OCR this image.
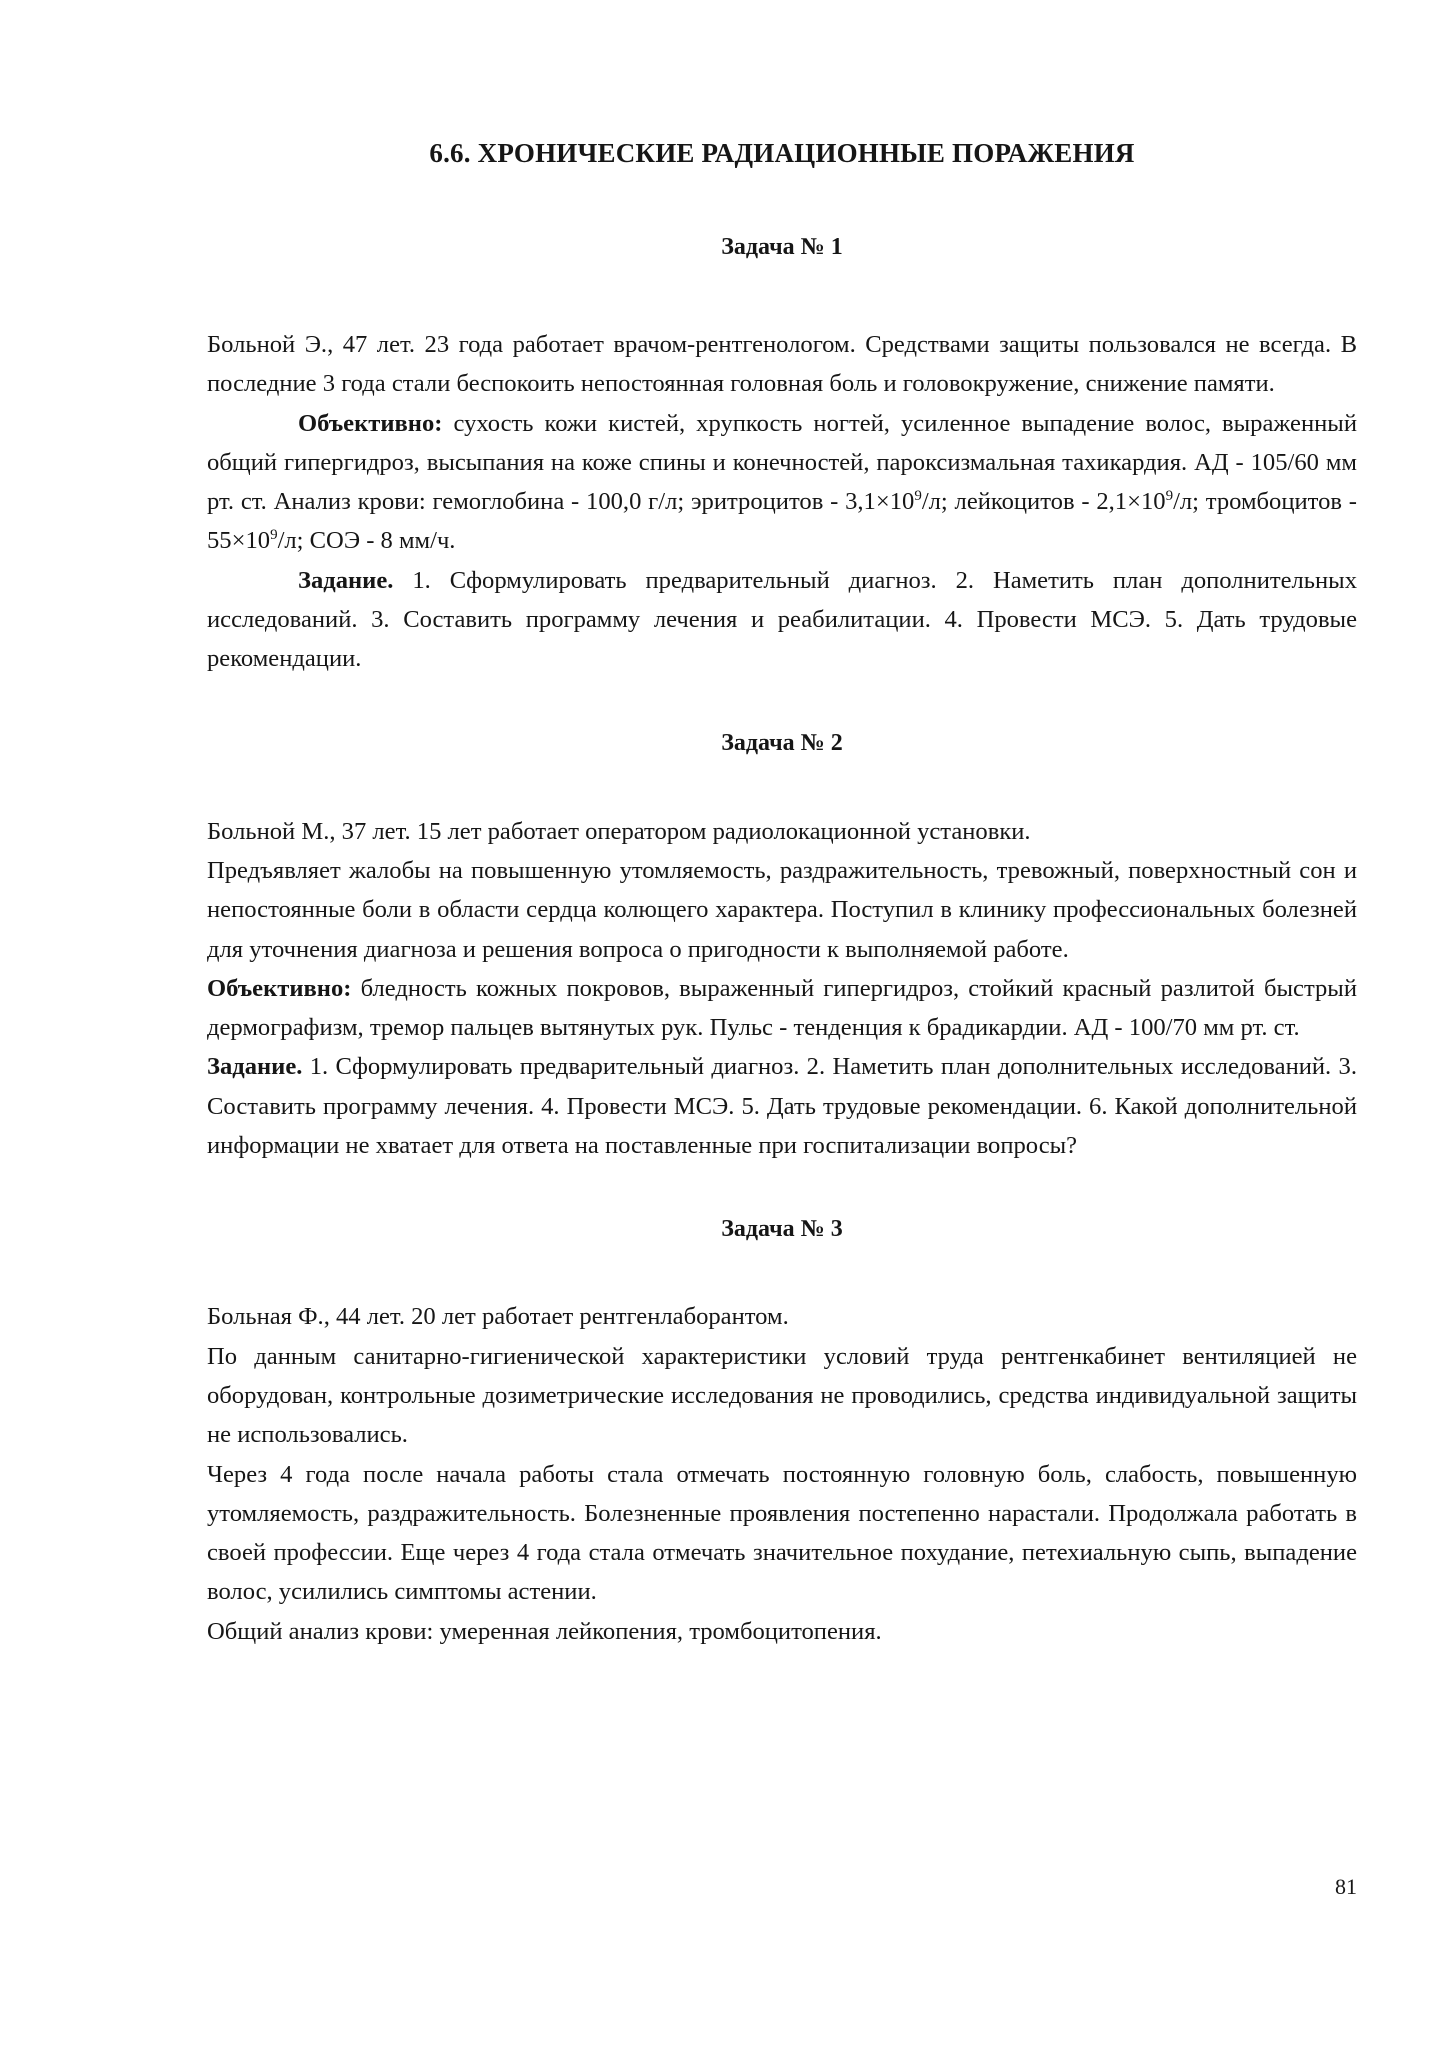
6.6. ХРОНИЧЕСКИЕ РАДИАЦИОННЫЕ ПОРАЖЕНИЯ
Задача № 1

Больной Э., 47 лет. 23 года работает врачом-рентгенологом. Средствами защиты пользовался не всегда. В последние 3 года стали беспокоить непостоянная головная боль и головокружение, снижение памяти.

Объективно: сухость кожи кистей, хрупкость ногтей, усиленное выпадение волос, выраженный общий гипергидроз, высыпания на коже спины и конечностей, пароксизмальная тахикардия. АД - 105/60 мм рт. ст. Анализ крови: гемоглобина - 100,0 г/л; эритроцитов - $3,1\times 10^9/л$; лейкоцитов - $2,1\times 10^9/л$; тромбоцитов - $55\times 10^9/л$; СОЭ - 8 мм/ч.

Задание. 1. Сформулировать предварительный диагноз. 2. Наметить план дополнительных исследований. 3. Составить программу лечения и реабилитации. 4. Провести МСЭ. 5. Дать трудовые рекомендации.

Задача № 2

Больной М., 37 лет. 15 лет работает оператором радиолокационной установки.

Предъявляет жалобы на повышенную утомляемость, раздражительность, тревожный, поверхностный сон и непостоянные боли в области сердца колющего характера. Поступил в клинику профессиональных болезней для уточнения диагноза и решения вопроса о пригодности к выполняемой работе.

Объективно: бледность кожных покровов, выраженный гипергидроз, стойкий красный разлитой быстрый дермографизм, тремор пальцев вытянутых рук. Пульс - тенденция к брадикардии. АД - 100/70 мм рт. ст.

Задание. 1. Сформулировать предварительный диагноз. 2. Наметить план дополнительных исследований. 3. Составить программу лечения. 4. Провести МСЭ. 5. Дать трудовые рекомендации. 6. Какой дополнительной информации не хватает для ответа на поставленные при госпитализации вопросы?

Задача № 3

Больная Ф., 44 лет. 20 лет работает рентгенлаборантом.

По данным санитарно-гигиенической характеристики условий труда рентгенкабинет вентиляцией не оборудован, контрольные дозиметрические исследования не проводились, средства индивидуальной защиты не использовались.

Через 4 года после начала работы стала отмечать постоянную головную боль, слабость, повышенную утомляемость, раздражительность. Болезненные проявления постепенно нарастали. Продолжала работать в своей профессии. Еще через 4 года стала отмечать значительное похудание, петехиальную сыпь, выпадение волос, усилились симптомы астении.

Общий анализ крови: умеренная лейкопения, тромбоцитопения.

81
